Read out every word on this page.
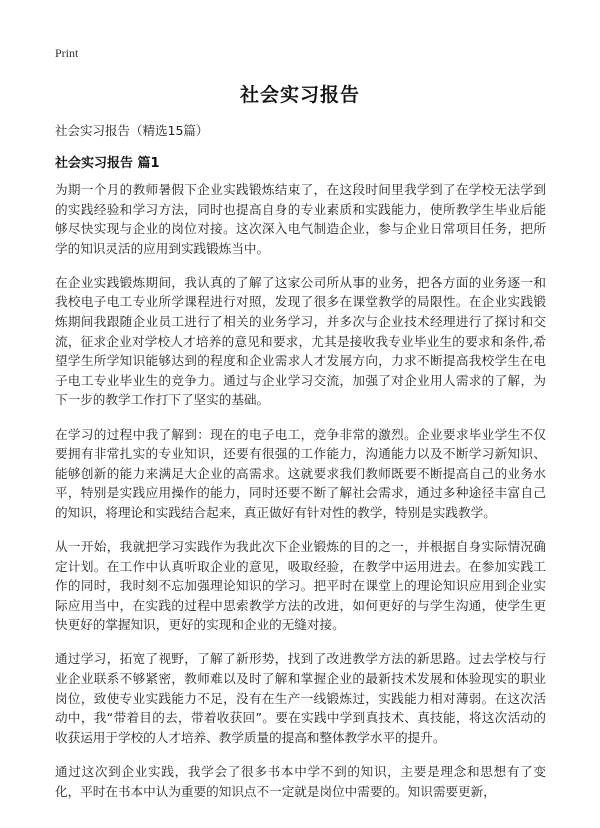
Print
社会实习报告

社会实习报告（精选15篇）

社会实习报告 篇1

为期一个月的教师暑假下企业实践锻炼结束了，在这段时间里我学到了在学校无法学到的实践经验和学习方法，同时也提高自身的专业素质和实践能力，使所教学生毕业后能够尽快实现与企业的岗位对接。这次深入电气制造企业，参与企业日常项目任务，把所学的知识灵活的应用到实践锻炼当中。

在企业实践锻炼期间，我认真的了解了这家公司所从事的业务，把各方面的业务逐一和我校电子电工专业所学课程进行对照，发现了很多在课堂教学的局限性。在企业实践锻炼期间我跟随企业员工进行了相关的业务学习，并多次与企业技术经理进行了探讨和交流，征求企业对学校人才培养的意见和要求，尤其是接收我专业毕业生的要求和条件,希望学生所学知识能够达到的程度和企业需求人才发展方向，力求不断提高我校学生在电子电工专业毕业生的竞争力。通过与企业学习交流，加强了对企业用人需求的了解，为下一步的教学工作打下了坚实的基础。

在学习的过程中我了解到：现在的电子电工，竞争非常的激烈。企业要求毕业学生不仅要拥有非常扎实的专业知识，还要有很强的工作能力，沟通能力以及不断学习新知识、能够创新的能力来满足大企业的高需求。这就要求我们教师既要不断提高自己的业务水平，特别是实践应用操作的能力，同时还要不断了解社会需求，通过多种途径丰富自己的知识，将理论和实践结合起来，真正做好有针对性的教学，特别是实践教学。

从一开始，我就把学习实践作为我此次下企业锻炼的目的之一，并根据自身实际情况确定计划。在工作中认真听取企业的意见，吸取经验，在教学中运用进去。在参加实践工作的同时，我时刻不忘加强理论知识的学习。把平时在课堂上的理论知识应用到企业实际应用当中，在实践的过程中思索教学方法的改进，如何更好的与学生沟通，使学生更快更好的掌握知识，更好的实现和企业的无缝对接。

通过学习，拓宽了视野，了解了新形势，找到了改进教学方法的新思路。过去学校与行业企业联系不够紧密，教师难以及时了解和掌握企业的最新技术发展和体验现实的职业岗位，致使专业实践能力不足，没有在生产一线锻炼过，实践能力相对薄弱。在这次活动中，我“带着目的去，带着收获回”。要在实践中学到真技术、真技能，将这次活动的收获运用于学校的人才培养、教学质量的提高和整体教学水平的提升。

通过这次到企业实践，我学会了很多书本中学不到的知识，主要是理念和思想有了变化，平时在书本中认为重要的知识点不一定就是岗位中需要的。知识需要更新，
